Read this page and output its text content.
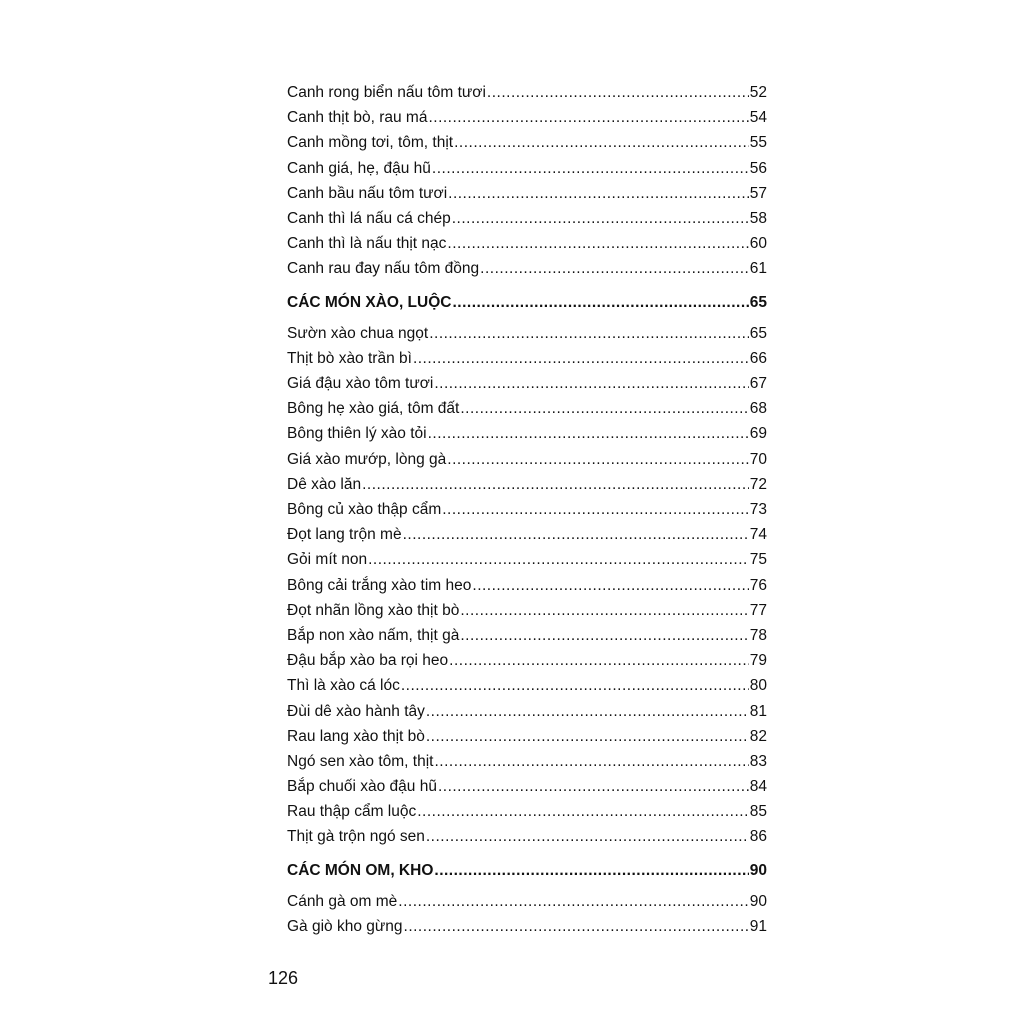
Canh rong biển nấu tôm tươi .....	52
Canh thịt bò, rau má .....	54
Canh mồng tơi, tôm, thịt .....	55
Canh giá, hẹ, đậu hũ .....	56
Canh bầu nấu tôm tươi .....	57
Canh thì lá nấu cá chép .....	58
Canh thì là nấu thịt nạc .....	60
Canh rau đay nấu tôm đồng .....	61
CÁC MÓN XÀO, LUỘC .....	65
Sườn xào chua ngọt .....	65
Thịt bò xào trần bì .....	66
Giá đậu xào tôm tươi .....	67
Bông hẹ xào giá, tôm đất .....	68
Bông thiên lý xào tỏi .....	69
Giá xào mướp, lòng gà .....	70
Dê xào lăn .....	72
Bông củ xào thập cẩm .....	73
Đọt lang trộn mè .....	74
Gỏi mít non .....	75
Bông cải trắng xào tim heo .....	76
Đọt nhãn lồng xào thịt bò .....	77
Bắp non xào nấm, thịt gà .....	78
Đậu bắp xào ba rọi heo .....	79
Thì là xào cá lóc .....	80
Đùi dê xào hành tây .....	81
Rau lang xào thịt bò .....	82
Ngó sen xào tôm, thịt .....	83
Bắp chuối xào đậu hũ .....	84
Rau thập cẩm luộc .....	85
Thịt gà trộn ngó sen .....	86
CÁC MÓN OM, KHO .....	90
Cánh gà om mè .....	90
Gà giò kho gừng .....	91
126
